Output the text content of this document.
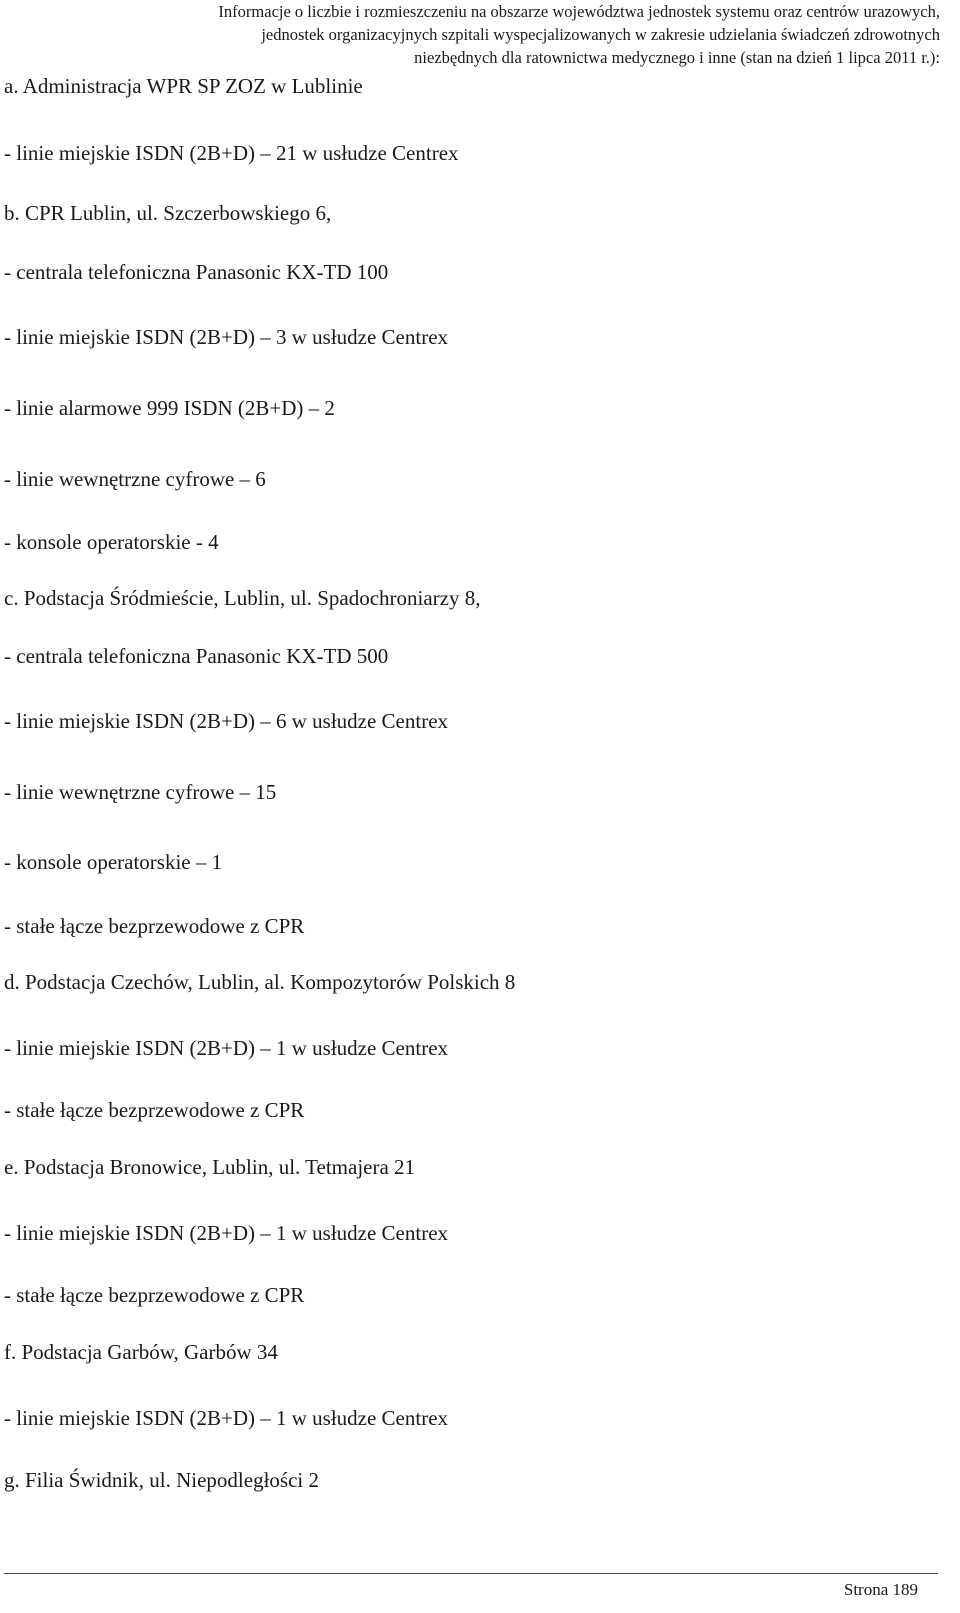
Informacje o liczbie i rozmieszczeniu na obszarze województwa jednostek systemu oraz centrów urazowych,
jednostek organizacyjnych szpitali wyspecjalizowanych w zakresie udzielania świadczeń zdrowotnych
niezbędnych dla ratownictwa medycznego i inne (stan na dzień 1 lipca 2011 r.):
a. Administracja WPR SP ZOZ w Lublinie
- linie miejskie ISDN (2B+D) – 21 w usłudze Centrex
b. CPR Lublin, ul. Szczerbowskiego 6,
- centrala telefoniczna Panasonic KX-TD 100
- linie miejskie ISDN (2B+D) – 3 w usłudze Centrex
- linie alarmowe 999 ISDN (2B+D) – 2
- linie wewnętrzne cyfrowe – 6
- konsole operatorskie - 4
c. Podstacja Śródmieście, Lublin, ul. Spadochroniarzy 8,
- centrala telefoniczna Panasonic KX-TD 500
- linie miejskie ISDN (2B+D) – 6 w usłudze Centrex
- linie wewnętrzne cyfrowe – 15
- konsole operatorskie – 1
- stałe łącze bezprzewodowe z CPR
d. Podstacja Czechów, Lublin, al. Kompozytorów Polskich 8
- linie miejskie ISDN (2B+D) – 1 w usłudze Centrex
- stałe łącze bezprzewodowe z CPR
e. Podstacja Bronowice, Lublin, ul. Tetmajera 21
- linie miejskie ISDN (2B+D) – 1 w usłudze Centrex
- stałe łącze bezprzewodowe z CPR
f. Podstacja Garbów, Garbów 34
- linie miejskie ISDN (2B+D) – 1 w usłudze Centrex
g. Filia Świdnik, ul. Niepodległości 2
Strona 189
